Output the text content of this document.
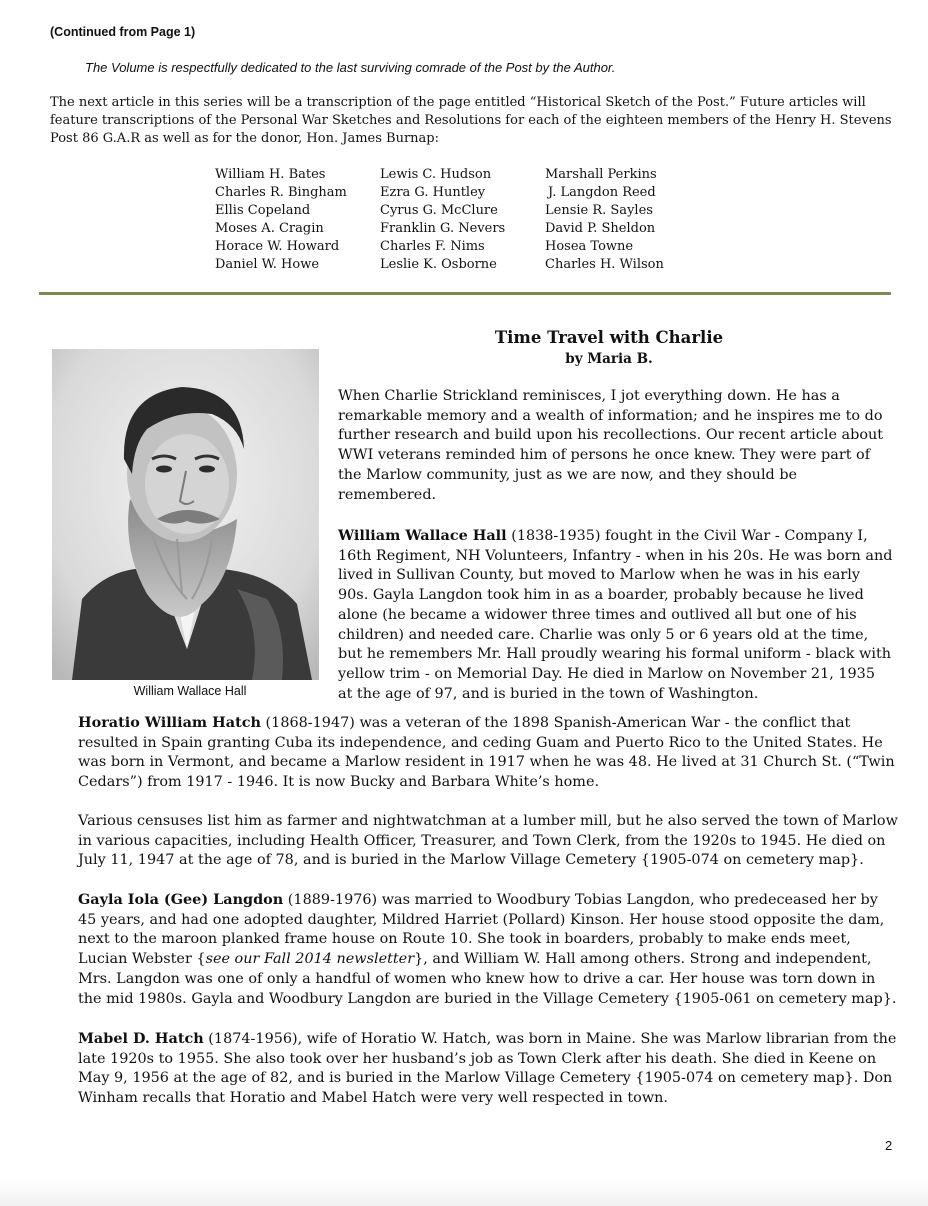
(Continued from Page 1)
The Volume is respectfully dedicated to the last surviving comrade of the Post by the Author.
The next article in this series will be a transcription of the page entitled “Historical Sketch of the Post.” Future articles will feature transcriptions of the Personal War Sketches and Resolutions for each of the eighteen members of the Henry H. Stevens Post 86 G.A.R as well as for the donor, Hon. James Burnap:
William H. Bates
Charles R. Bingham
Ellis Copeland
Moses A. Cragin
Horace W. Howard
Daniel W. Howe
Lewis C. Hudson
Ezra G. Huntley
Cyrus G. McClure
Franklin G. Nevers
Charles F. Nims
Leslie K. Osborne
Marshall Perkins
J. Langdon Reed
Lensie R. Sayles
David P. Sheldon
Hosea Towne
Charles H. Wilson
William Wallace Hall
Time Travel with Charlie
by Maria B.
When Charlie Strickland reminisces, I jot everything down. He has a remarkable memory and a wealth of information; and he inspires me to do further research and build upon his recollections. Our recent article about WWI veterans reminded him of persons he once knew. They were part of the Marlow community, just as we are now, and they should be remembered.
William Wallace Hall (1838-1935) fought in the Civil War - Company I, 16th Regiment, NH Volunteers, Infantry - when in his 20s. He was born and lived in Sullivan County, but moved to Marlow when he was in his early 90s. Gayla Langdon took him in as a boarder, probably because he lived alone (he became a widower three times and outlived all but one of his children) and needed care. Charlie was only 5 or 6 years old at the time, but he remembers Mr. Hall proudly wearing his formal uniform - black with yellow trim - on Memorial Day. He died in Marlow on November 21, 1935 at the age of 97, and is buried in the town of Washington.
Horatio William Hatch (1868-1947) was a veteran of the 1898 Spanish-American War - the conflict that resulted in Spain granting Cuba its independence, and ceding Guam and Puerto Rico to the United States. He was born in Vermont, and became a Marlow resident in 1917 when he was 48. He lived at 31 Church St. (“Twin Cedars”) from 1917 - 1946. It is now Bucky and Barbara White’s home.
Various censuses list him as farmer and nightwatchman at a lumber mill, but he also served the town of Marlow in various capacities, including Health Officer, Treasurer, and Town Clerk, from the 1920s to 1945. He died on July 11, 1947 at the age of 78, and is buried in the Marlow Village Cemetery {1905-074 on cemetery map}.
Gayla Iola (Gee) Langdon (1889-1976) was married to Woodbury Tobias Langdon, who predeceased her by 45 years, and had one adopted daughter, Mildred Harriet (Pollard) Kinson. Her house stood opposite the dam, next to the maroon planked frame house on Route 10. She took in boarders, probably to make ends meet, Lucian Webster {see our Fall 2014 newsletter}, and William W. Hall among others. Strong and independent, Mrs. Langdon was one of only a handful of women who knew how to drive a car. Her house was torn down in the mid 1980s. Gayla and Woodbury Langdon are buried in the Village Cemetery {1905-061 on cemetery map}.
Mabel D. Hatch (1874-1956), wife of Horatio W. Hatch, was born in Maine. She was Marlow librarian from the late 1920s to 1955. She also took over her husband’s job as Town Clerk after his death. She died in Keene on May 9, 1956 at the age of 82, and is buried in the Marlow Village Cemetery {1905-074 on cemetery map}. Don Winham recalls that Horatio and Mabel Hatch were very well respected in town.
2
